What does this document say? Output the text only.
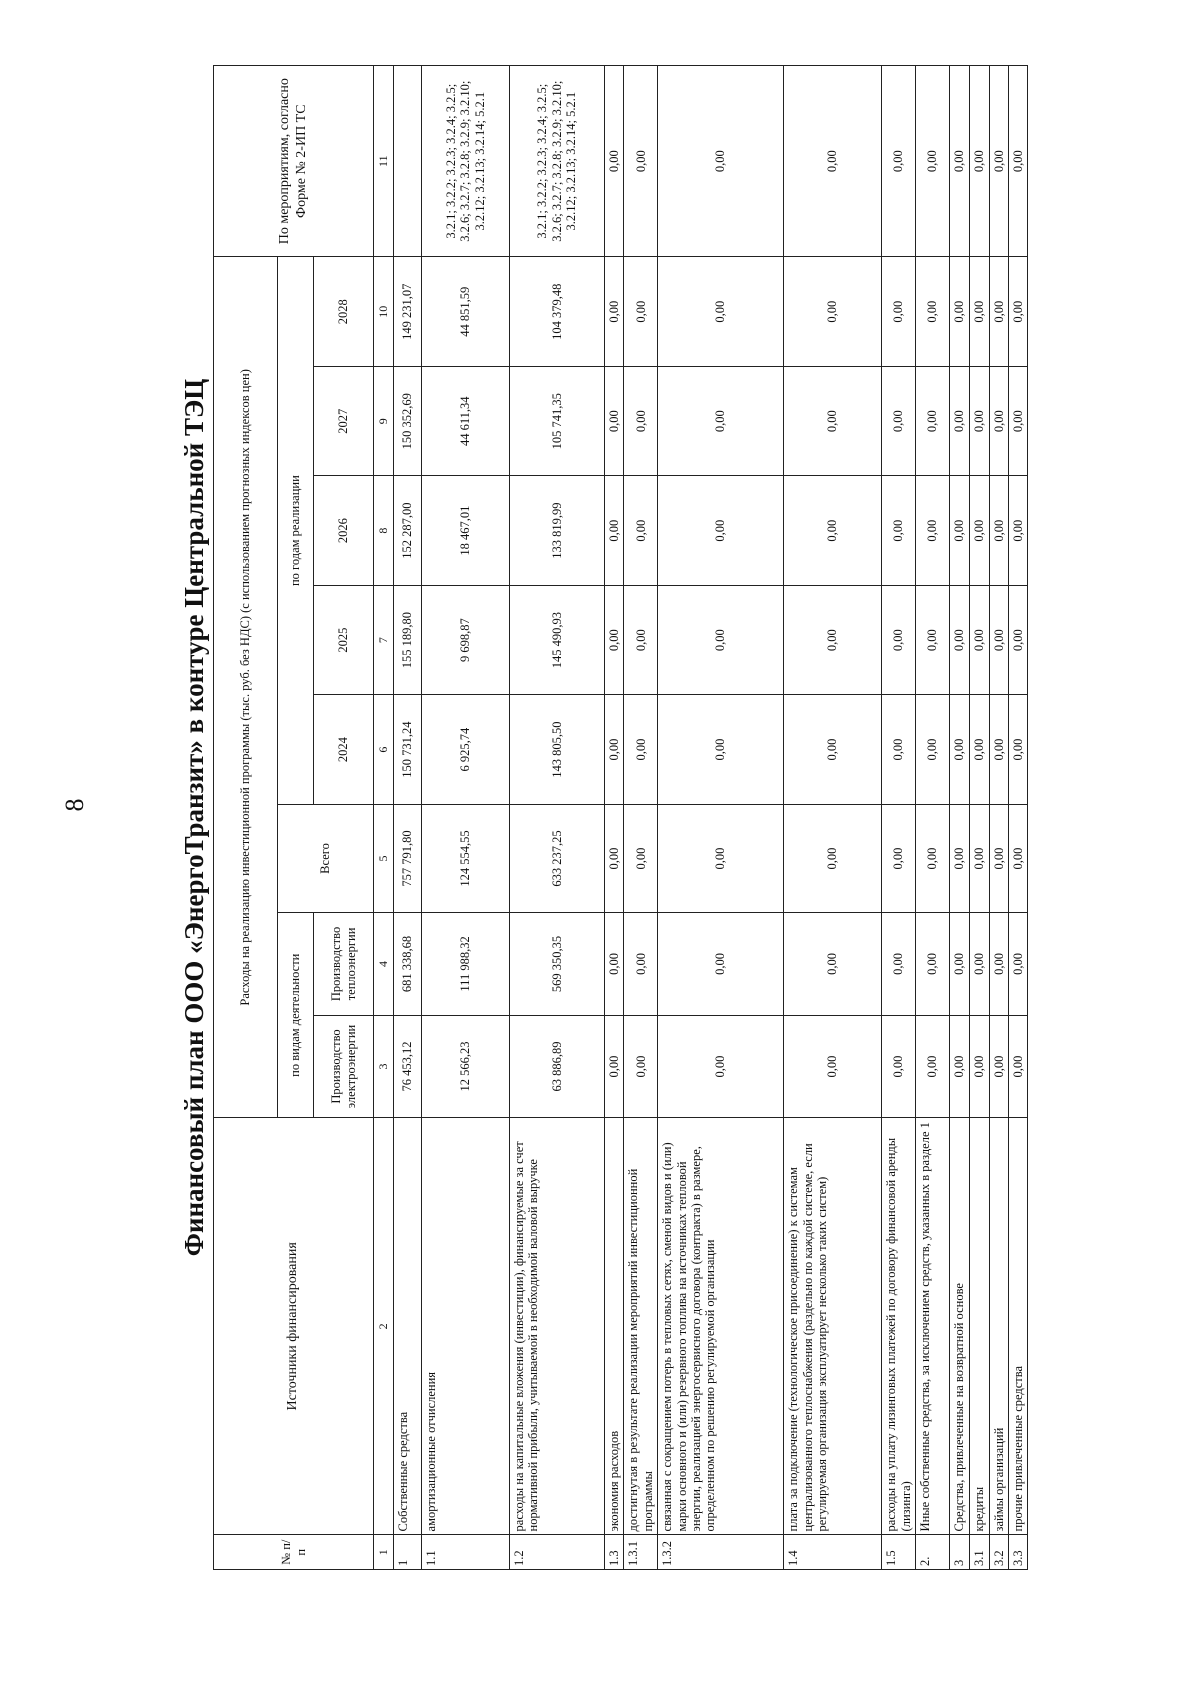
8	Финансовый план ООО «ЭнергоТранзит» в контуре Центральной ТЭЦ
№ п/п	Источники финансирования	Расходы на реализацию инвестиционной программы (тыс. руб. без НДС) (с использованием прогнозных индексов цен)								По мероприятиям, согласно Форме № 2-ИП ТС
		по видам деятельности		Всего	по годам реализации					
		Производство электроэнергии	Производство теплоэнергии		2024	2025	2026	2027	2028	
1	2	3	4	5	6	7	8	9	10	11
1	Собственные средства	76 453,12	681 338,68	757 791,80	150 731,24	155 189,80	152 287,00	150 352,69	149 231,07	
1.1	амортизационные отчисления	12 566,23	111 988,32	124 554,55	6 925,74	9 698,87	18 467,01	44 611,34	44 851,59	3.2.1; 3.2.2; 3.2.3; 3.2.4; 3.2.5; 3.2.6; 3.2.7; 3.2.8; 3.2.9; 3.2.10; 3.2.12; 3.2.13; 3.2.14; 5.2.1
1.2	расходы на капитальные вложения (инвестиции), финансируемые за счет нормативной прибыли, учитываемой в необходимой валовой выручке	63 886,89	569 350,35	633 237,25	143 805,50	145 490,93	133 819,99	105 741,35	104 379,48	3.2.1; 3.2.2; 3.2.3; 3.2.4; 3.2.5; 3.2.6; 3.2.7; 3.2.8; 3.2.9; 3.2.10; 3.2.12; 3.2.13; 3.2.14; 5.2.1
1.3	экономия расходов	0,00	0,00	0,00	0,00	0,00	0,00	0,00	0,00	0,00
1.3.1	достигнутая в результате реализации мероприятий инвестиционной программы	0,00	0,00	0,00	0,00	0,00	0,00	0,00	0,00	0,00
1.3.2	связанная с сокращением потерь в тепловых сетях, сменой видов и (или) марки основного и (или) резервного топлива на источниках тепловой энергии, реализацией энергосервисного договора (контракта) в размере, определенном по решению регулируемой организации	0,00	0,00	0,00	0,00	0,00	0,00	0,00	0,00	0,00
1.4	плата за подключение (технологическое присоединение) к системам централизованного теплоснабжения (раздельно по каждой системе, если регулируемая организация эксплуатирует несколько таких систем)	0,00	0,00	0,00	0,00	0,00	0,00	0,00	0,00	0,00
1.5	расходы на уплату лизинговых платежей по договору финансовой аренды (лизинга)	0,00	0,00	0,00	0,00	0,00	0,00	0,00	0,00	0,00
2.	Иные собственные средства, за исключением средств, указанных в разделе 1	0,00	0,00	0,00	0,00	0,00	0,00	0,00	0,00	0,00
3	Средства, привлеченные на возвратной основе	0,00	0,00	0,00	0,00	0,00	0,00	0,00	0,00	0,00
3.1	кредиты	0,00	0,00	0,00	0,00	0,00	0,00	0,00	0,00	0,00
3.2	займы организаций	0,00	0,00	0,00	0,00	0,00	0,00	0,00	0,00	0,00
3.3	прочие привлеченные средства	0,00	0,00	0,00	0,00	0,00	0,00	0,00	0,00	0,00
